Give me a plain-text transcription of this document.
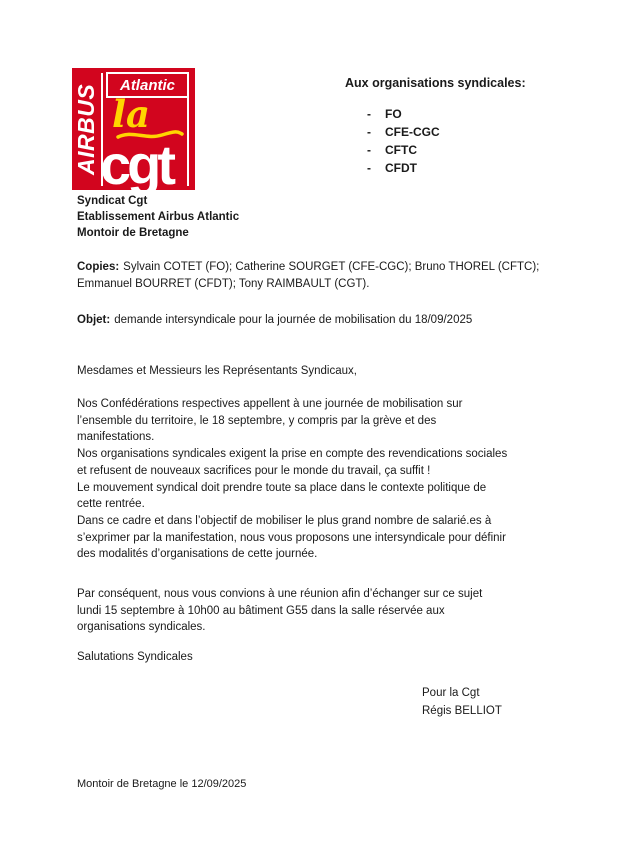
AIRBUS	Atlantic
la
cgt
Aux organisations syndicales:
-	FO
-	CFE-CGC
-	CFTC
-	CFDT
Syndicat Cgt
Etablissement Airbus Atlantic
Montoir de Bretagne

Copies: Sylvain COTET (FO); Catherine SOURGET (CFE-CGC); Bruno THOREL (CFTC); Emmanuel BOURRET (CFDT); Tony RAIMBAULT (CGT).

Objet: demande intersyndicale pour la journée de mobilisation du 18/09/2025

Mesdames et Messieurs les Représentants Syndicaux,

Nos Confédérations respectives appellent à une journée de mobilisation sur
l’ensemble du territoire, le 18 septembre, y compris par la grève et des
manifestations.
Nos organisations syndicales exigent la prise en compte des revendications sociales
et refusent de nouveaux sacrifices pour le monde du travail, ça suffit !
Le mouvement syndical doit prendre toute sa place dans le contexte politique de
cette rentrée.
Dans ce cadre et dans l’objectif de mobiliser le plus grand nombre de salarié.es à
s’exprimer par la manifestation, nous vous proposons une intersyndicale pour définir
des modalités d’organisations de cette journée.

Par conséquent, nous vous convions à une réunion afin d’échanger sur ce sujet
lundi 15 septembre à 10h00 au bâtiment G55 dans la salle réservée aux
organisations syndicales.

Salutations Syndicales

Pour la Cgt
Régis BELLIOT
Montoir de Bretagne le 12/09/2025
